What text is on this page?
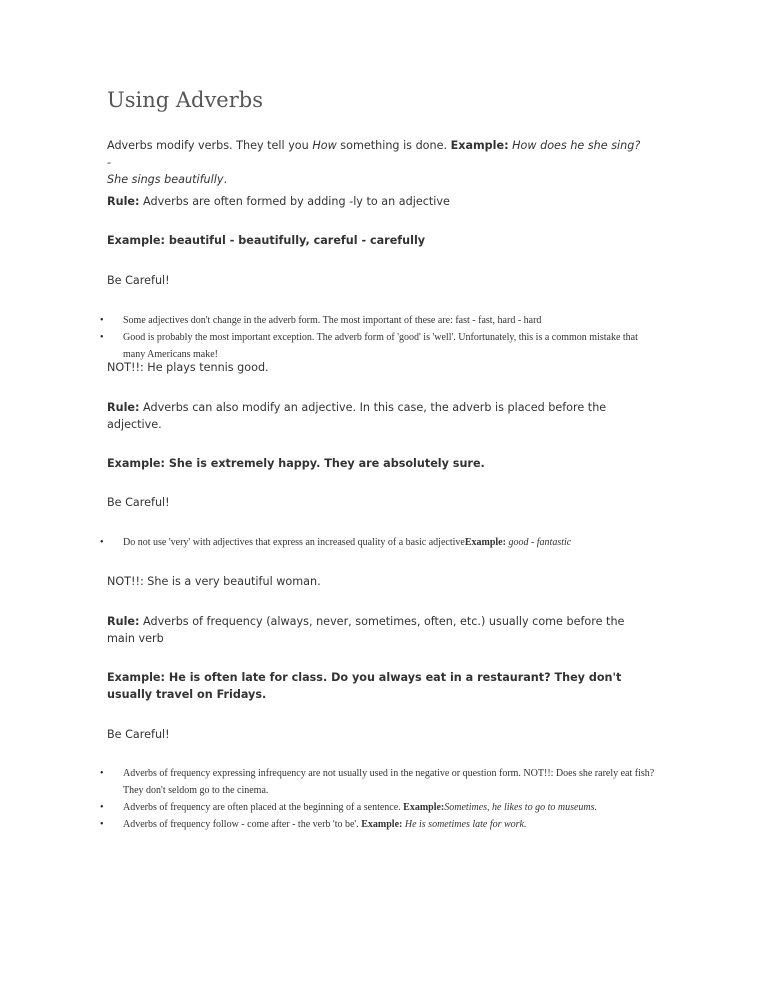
Using Adverbs

Adverbs modify verbs. They tell you How something is done. Example: How does he she sing? -
She sings beautifully.

Rule: Adverbs are often formed by adding -ly to an adjective

Example: beautiful - beautifully, careful - carefully

Be Careful!

• Some adjectives don't change in the adverb form. The most important of these are: fast - fast, hard - hard
• Good is probably the most important exception. The adverb form of 'good' is 'well'. Unfortunately, this is a common mistake that many Americans make!

NOT!!: He plays tennis good.

Rule: Adverbs can also modify an adjective. In this case, the adverb is placed before the adjective.

Example: She is extremely happy. They are absolutely sure.

Be Careful!

• Do not use 'very' with adjectives that express an increased quality of a basic adjectiveExample: good - fantastic

NOT!!: She is a very beautiful woman.

Rule: Adverbs of frequency (always, never, sometimes, often, etc.) usually come before the main verb

Example: He is often late for class. Do you always eat in a restaurant? They don't usually travel on Fridays.

Be Careful!

• Adverbs of frequency expressing infrequency are not usually used in the negative or question form. NOT!!: Does she rarely eat fish? They don't seldom go to the cinema.
• Adverbs of frequency are often placed at the beginning of a sentence. Example:Sometimes, he likes to go to museums.
• Adverbs of frequency follow - come after - the verb 'to be'. Example: He is sometimes late for work.
